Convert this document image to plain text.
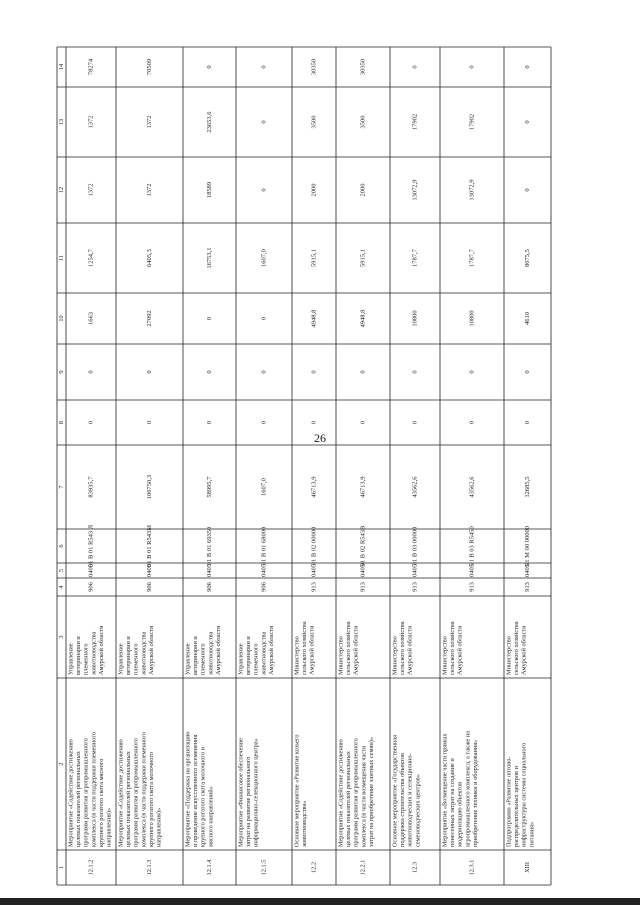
26
1
2
3
4
5
6
7
8
9
10
11
12
13
14
12.1.2
Мероприятие «Содействие достижению целевых показателей региональных программ развития агропромышленного комплекса (в части поддержки племенного крупного рогатого скота мясного направления)»
Управление ветеринарии и племенного животноводства Амурской области
906
0405
01 В 01 R543 Л
83935,7
0
0
1663
1254,7
1372
1372
78274
12.1.3
Мероприятие «Содействие достижению целевых показателей региональных программ развития агропромышленного комплекса (в части поддержки племенного крупного рогатого скота молочного направления)»
Управление ветеринарии и племенного животноводства Амурской области
906
0405
01 В 01 R543М
106750,3
0
0
27092
6405,3
1372
1372
70509
12.1.4
Мероприятие «Поддержка на организацию и проведение искусственного осеменения крупного рогатого скота молочного и мясного направлений»
Управление ветеринарии и племенного животноводства Амурской области
906
0405
01 В 01 69350
58995,7
0
0
0
16753,1
18589
23653,6
0
12.1.5
Мероприятие «Финансовое обеспечение затрат на развитие регионального информационно-селекционного центра»
Управление ветеринарии и племенного животноводства Амурской области
906
0405
01 В 01 68000
1607,0
0
0
0
1607,0
0
0
0
12.2
Основное мероприятие «Развитие козьего животноводства»
Министерство сельского хозяйства Амурской области
913
0405
01 В 02 00000
46713,9
0
0
4948,8
5915,1
2000
3500
30350
12.2.1
Мероприятие «Содействие достижению целевых показателей региональных программ развития агропромышленного комплекса (в части возмещения части затрат на приобретение элитных семян)»
Министерство сельского хозяйства Амурской области
913
0405
01 В 02 R543В
46713,9
0
0
4948,8
5915,1
2000
3500
30350
12.3
Основное мероприятие «Государственная поддержка строительства объектов животноводческих и селекционно- семеноводческих центров»
Министерство сельского хозяйства Амурской области
913
0405
01 В 03 00000
43562,6
0
0
10800
1787,7
13072,9
17902
0
12.3.1
Мероприятие «Возмещение части прямых понесенных затрат на создание и модернизацию объектов агропромышленного комплекса, а также на приобретение техники и оборудования»
Министерство сельского хозяйства Амурской области
913
0405
01 В 03 R5450
43562,6
0
0
10800
1787,7
13072,9
17902
0
XIII
Подпрограмма «Развитие оптово- распределительных центров и инфраструктуры системы социального питания»
Министерство сельского хозяйства Амурской области
913
0405
01 М 00 00000
12685,5
0
0
4610
8075,5
0
0
0
